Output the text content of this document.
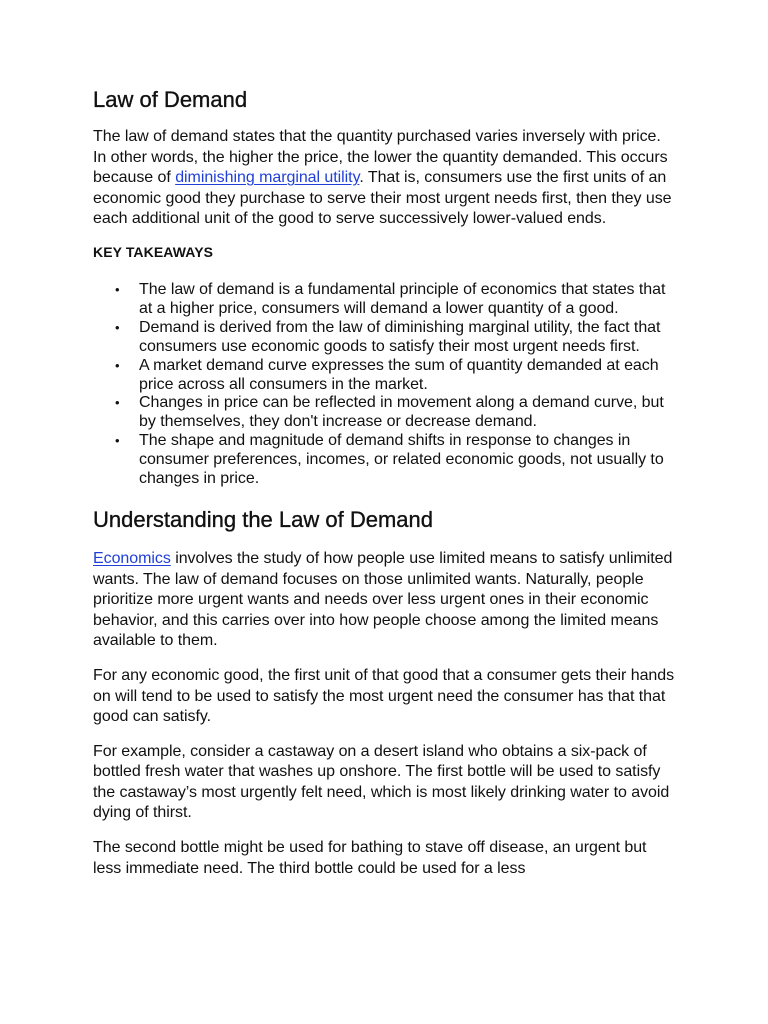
Law of Demand

The law of demand states that the quantity purchased varies inversely with price. In other words, the higher the price, the lower the quantity demanded. This occurs because of diminishing marginal utility. That is, consumers use the first units of an economic good they purchase to serve their most urgent needs first, then they use each additional unit of the good to serve successively lower-valued ends.

KEY TAKEAWAYS
• The law of demand is a fundamental principle of economics that states that at a higher price, consumers will demand a lower quantity of a good.
• Demand is derived from the law of diminishing marginal utility, the fact that consumers use economic goods to satisfy their most urgent needs first.
• A market demand curve expresses the sum of quantity demanded at each price across all consumers in the market.
• Changes in price can be reflected in movement along a demand curve, but by themselves, they don't increase or decrease demand.
• The shape and magnitude of demand shifts in response to changes in consumer preferences, incomes, or related economic goods, not usually to changes in price.
Understanding the Law of Demand

Economics involves the study of how people use limited means to satisfy unlimited wants. The law of demand focuses on those unlimited wants. Naturally, people prioritize more urgent wants and needs over less urgent ones in their economic behavior, and this carries over into how people choose among the limited means available to them.

For any economic good, the first unit of that good that a consumer gets their hands on will tend to be used to satisfy the most urgent need the consumer has that that good can satisfy.

For example, consider a castaway on a desert island who obtains a six-pack of bottled fresh water that washes up onshore. The first bottle will be used to satisfy the castaway’s most urgently felt need, which is most likely drinking water to avoid dying of thirst.

The second bottle might be used for bathing to stave off disease, an urgent but less immediate need. The third bottle could be used for a less
